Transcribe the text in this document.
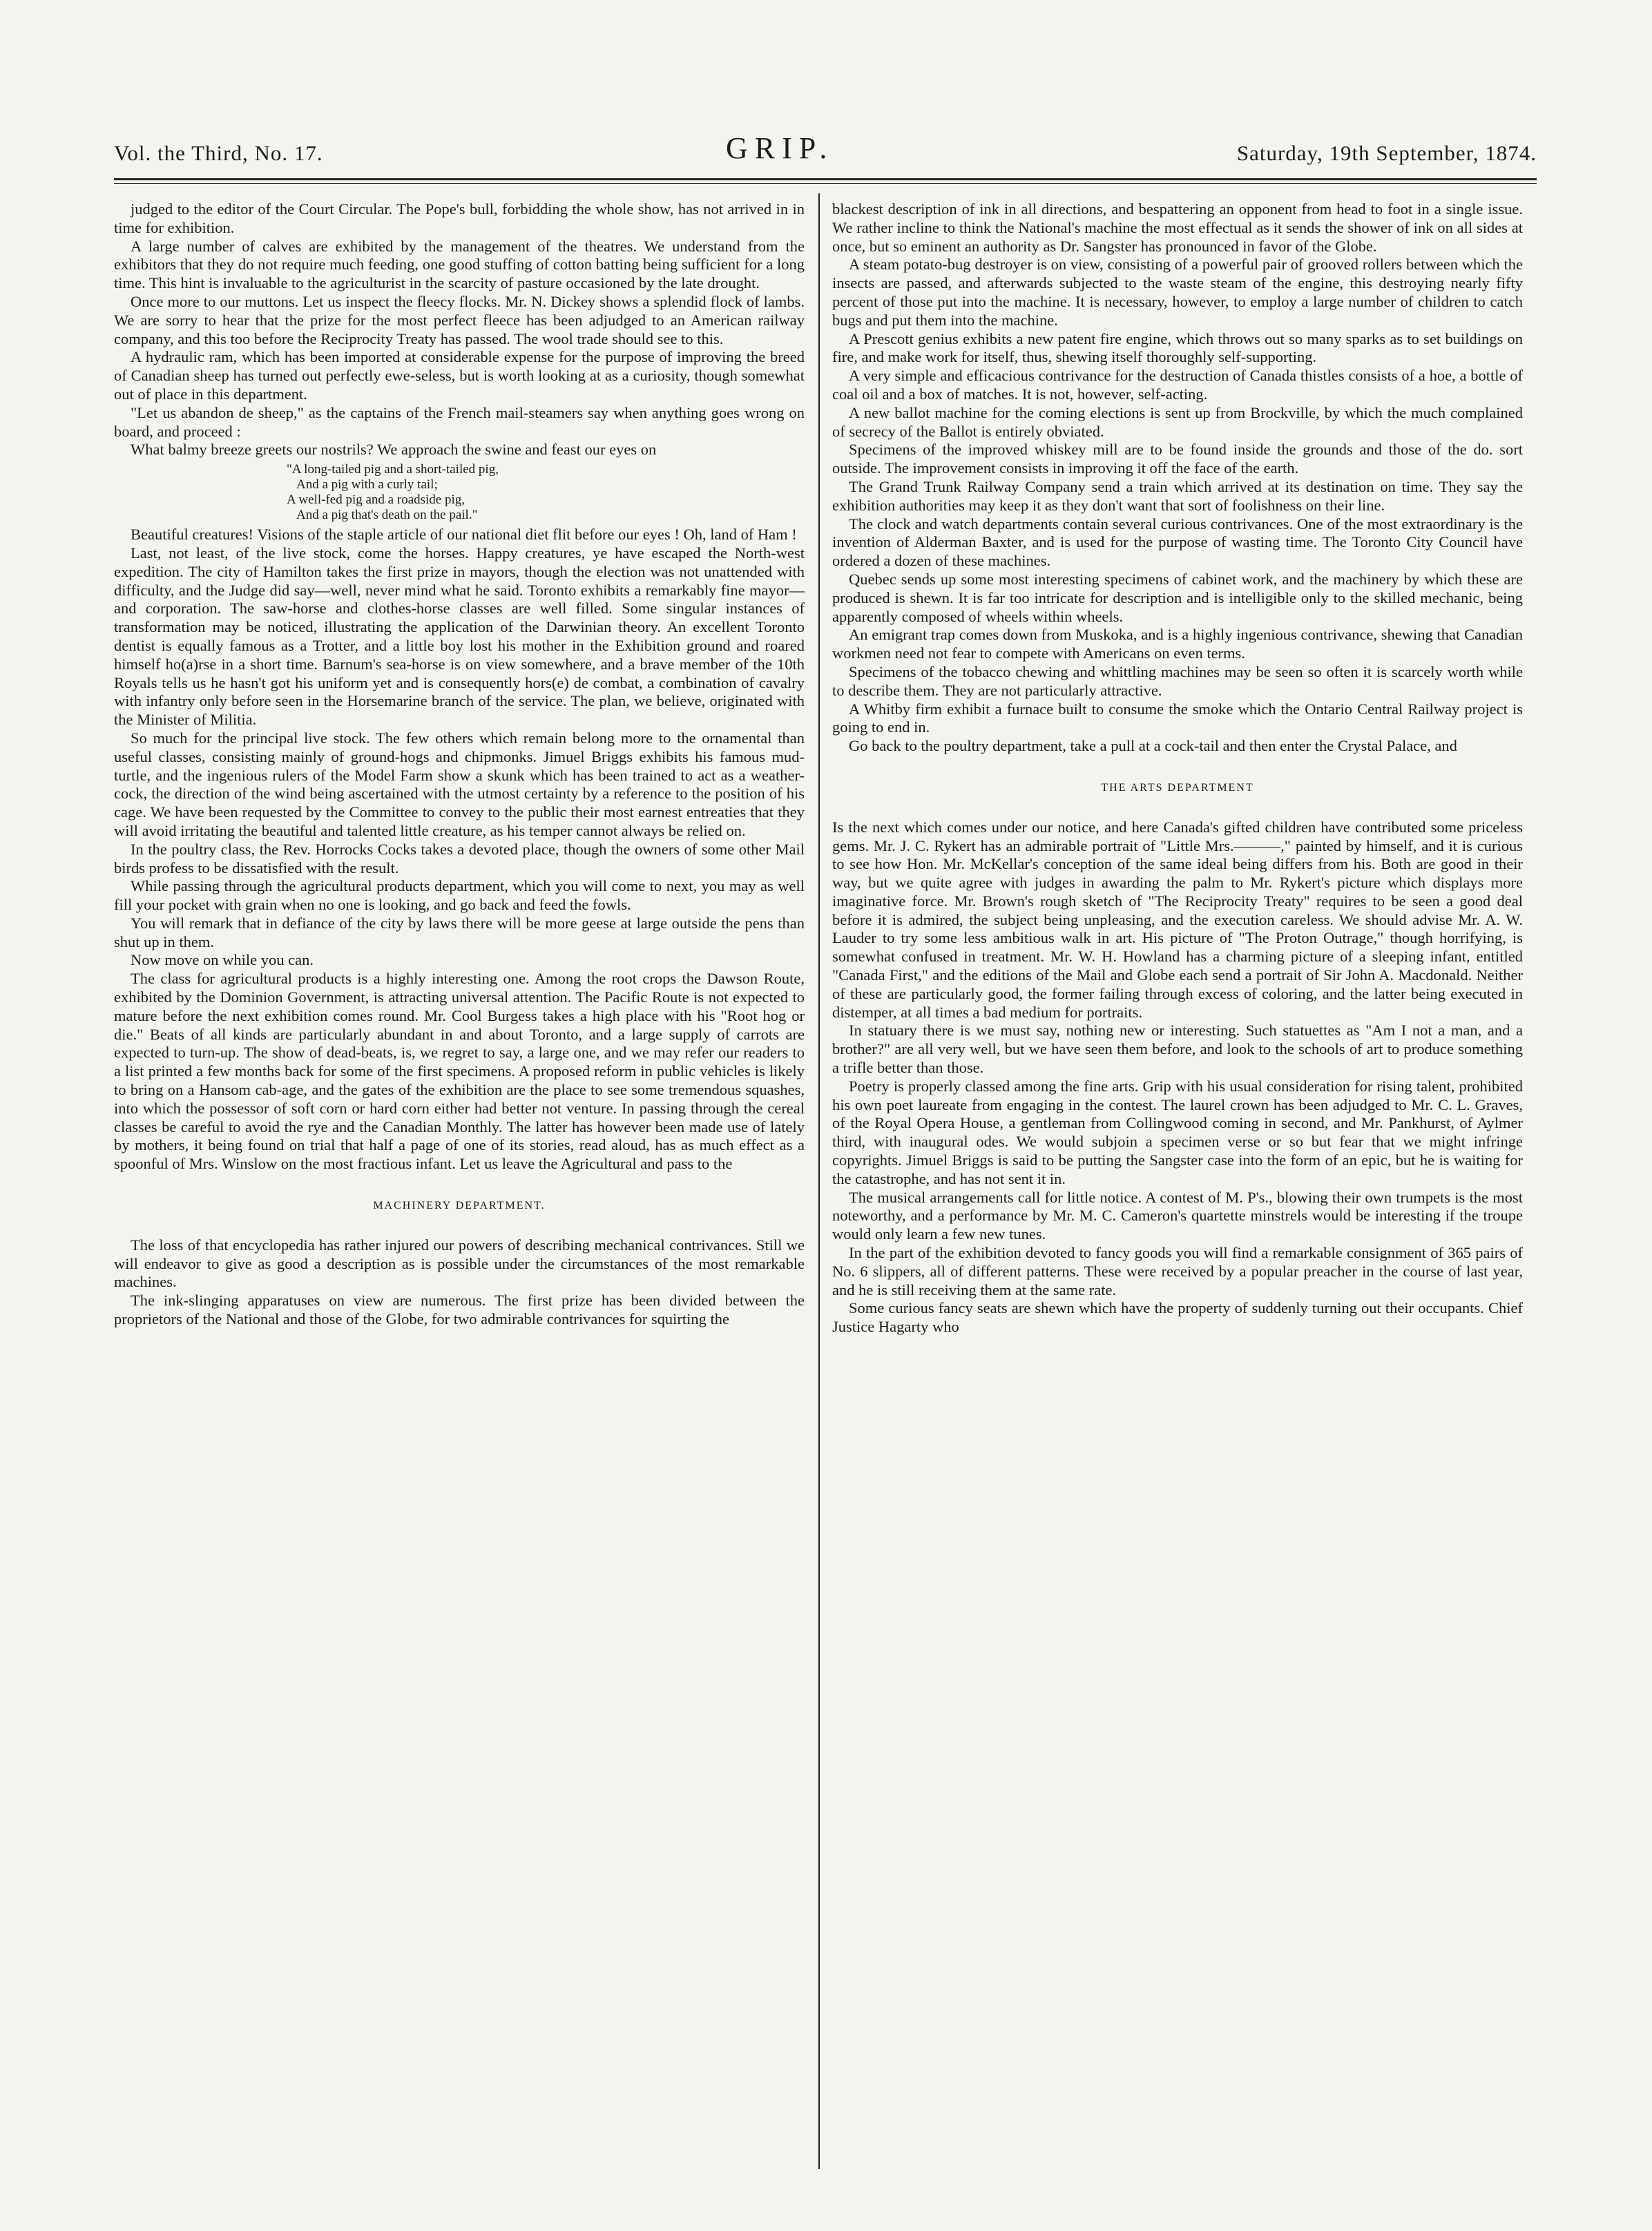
Vol. the Third, No. 17.	GRIP.	Saturday, 19th September, 1874.

judged to the editor of the Court Circular. The Pope's bull, forbidding the whole show, has not arrived in in time for exhibition.

A large number of calves are exhibited by the management of the theatres. We understand from the exhibitors that they do not require much feeding, one good stuffing of cotton batting being sufficient for a long time. This hint is invaluable to the agriculturist in the scarcity of pasture occasioned by the late drought.

Once more to our muttons. Let us inspect the fleecy flocks. Mr. N. Dickey shows a splendid flock of lambs. We are sorry to hear that the prize for the most perfect fleece has been adjudged to an American railway company, and this too before the Reciprocity Treaty has passed. The wool trade should see to this.

A hydraulic ram, which has been imported at considerable expense for the purpose of improving the breed of Canadian sheep has turned out perfectly ewe-seless, but is worth looking at as a curiosity, though somewhat out of place in this department.

"Let us abandon de sheep," as the captains of the French mail-steamers say when anything goes wrong on board, and proceed :

What balmy breeze greets our nostrils? We approach the swine and feast our eyes on

"A long-tailed pig and a short-tailed pig,
And a pig with a curly tail;
A well-fed pig and a roadside pig,
And a pig that's death on the pail."

Beautiful creatures! Visions of the staple article of our national diet flit before our eyes ! Oh, land of Ham !

Last, not least, of the live stock, come the horses. Happy creatures, ye have escaped the North-west expedition. The city of Hamilton takes the first prize in mayors, though the election was not unattended with difficulty, and the Judge did say—well, never mind what he said. Toronto exhibits a remarkably fine mayor—and corporation. The saw-horse and clothes-horse classes are well filled. Some singular instances of transformation may be noticed, illustrating the application of the Darwinian theory. An excellent Toronto dentist is equally famous as a Trotter, and a little boy lost his mother in the Exhibition ground and roared himself ho(a)rse in a short time. Barnum's sea-horse is on view somewhere, and a brave member of the 10th Royals tells us he hasn't got his uniform yet and is consequently hors(e) de combat, a combination of cavalry with infantry only before seen in the Horsemarine branch of the service. The plan, we believe, originated with the Minister of Militia.

So much for the principal live stock. The few others which remain belong more to the ornamental than useful classes, consisting mainly of ground-hogs and chipmonks. Jimuel Briggs exhibits his famous mud-turtle, and the ingenious rulers of the Model Farm show a skunk which has been trained to act as a weather-cock, the direction of the wind being ascertained with the utmost certainty by a reference to the position of his cage. We have been requested by the Committee to convey to the public their most earnest entreaties that they will avoid irritating the beautiful and talented little creature, as his temper cannot always be relied on.

In the poultry class, the Rev. Horrocks Cocks takes a devoted place, though the owners of some other Mail birds profess to be dissatisfied with the result.

While passing through the agricultural products department, which you will come to next, you may as well fill your pocket with grain when no one is looking, and go back and feed the fowls.

You will remark that in defiance of the city by laws there will be more geese at large outside the pens than shut up in them.

Now move on while you can.

The class for agricultural products is a highly interesting one. Among the root crops the Dawson Route, exhibited by the Dominion Government, is attracting universal attention. The Pacific Route is not expected to mature before the next exhibition comes round. Mr. Cool Burgess takes a high place with his "Root hog or die." Beats of all kinds are particularly abundant in and about Toronto, and a large supply of carrots are expected to turn-up. The show of dead-beats, is, we regret to say, a large one, and we may refer our readers to a list printed a few months back for some of the first specimens. A proposed reform in public vehicles is likely to bring on a Hansom cab-age, and the gates of the exhibition are the place to see some tremendous squashes, into which the possessor of soft corn or hard corn either had better not venture. In passing through the cereal classes be careful to avoid the rye and the Canadian Monthly. The latter has however been made use of lately by mothers, it being found on trial that half a page of one of its stories, read aloud, has as much effect as a spoonful of Mrs. Winslow on the most fractious infant. Let us leave the Agricultural and pass to the

MACHINERY DEPARTMENT.

The loss of that encyclopedia has rather injured our powers of describing mechanical contrivances. Still we will endeavor to give as good a description as is possible under the circumstances of the most remarkable machines.

The ink-slinging apparatuses on view are numerous. The first prize has been divided between the proprietors of the National and those of the Globe, for two admirable contrivances for squirting the

blackest description of ink in all directions, and bespattering an opponent from head to foot in a single issue. We rather incline to think the National's machine the most effectual as it sends the shower of ink on all sides at once, but so eminent an authority as Dr. Sangster has pronounced in favor of the Globe.

A steam potato-bug destroyer is on view, consisting of a powerful pair of grooved rollers between which the insects are passed, and afterwards subjected to the waste steam of the engine, this destroying nearly fifty percent of those put into the machine. It is necessary, however, to employ a large number of children to catch bugs and put them into the machine.

A Prescott genius exhibits a new patent fire engine, which throws out so many sparks as to set buildings on fire, and make work for itself, thus, shewing itself thoroughly self-supporting.

A very simple and efficacious contrivance for the destruction of Canada thistles consists of a hoe, a bottle of coal oil and a box of matches. It is not, however, self-acting.

A new ballot machine for the coming elections is sent up from Brockville, by which the much complained of secrecy of the Ballot is entirely obviated.

Specimens of the improved whiskey mill are to be found inside the grounds and those of the do. sort outside. The improvement consists in improving it off the face of the earth.

The Grand Trunk Railway Company send a train which arrived at its destination on time. They say the exhibition authorities may keep it as they don't want that sort of foolishness on their line.

The clock and watch departments contain several curious contrivances. One of the most extraordinary is the invention of Alderman Baxter, and is used for the purpose of wasting time. The Toronto City Council have ordered a dozen of these machines.

Quebec sends up some most interesting specimens of cabinet work, and the machinery by which these are produced is shewn. It is far too intricate for description and is intelligible only to the skilled mechanic, being apparently composed of wheels within wheels.

An emigrant trap comes down from Muskoka, and is a highly ingenious contrivance, shewing that Canadian workmen need not fear to compete with Americans on even terms.

Specimens of the tobacco chewing and whittling machines may be seen so often it is scarcely worth while to describe them. They are not particularly attractive.

A Whitby firm exhibit a furnace built to consume the smoke which the Ontario Central Railway project is going to end in.

Go back to the poultry department, take a pull at a cock-tail and then enter the Crystal Palace, and

THE ARTS DEPARTMENT

Is the next which comes under our notice, and here Canada's gifted children have contributed some priceless gems. Mr. J. C. Rykert has an admirable portrait of "Little Mrs.———," painted by himself, and it is curious to see how Hon. Mr. McKellar's conception of the same ideal being differs from his. Both are good in their way, but we quite agree with judges in awarding the palm to Mr. Rykert's picture which displays more imaginative force. Mr. Brown's rough sketch of "The Reciprocity Treaty" requires to be seen a good deal before it is admired, the subject being unpleasing, and the execution careless. We should advise Mr. A. W. Lauder to try some less ambitious walk in art. His picture of "The Proton Outrage," though horrifying, is somewhat confused in treatment. Mr. W. H. Howland has a charming picture of a sleeping infant, entitled "Canada First," and the editions of the Mail and Globe each send a portrait of Sir John A. Macdonald. Neither of these are particularly good, the former failing through excess of coloring, and the latter being executed in distemper, at all times a bad medium for portraits.

In statuary there is we must say, nothing new or interesting. Such statuettes as "Am I not a man, and a brother?" are all very well, but we have seen them before, and look to the schools of art to produce something a trifle better than those.

Poetry is properly classed among the fine arts. Grip with his usual consideration for rising talent, prohibited his own poet laureate from engaging in the contest. The laurel crown has been adjudged to Mr. C. L. Graves, of the Royal Opera House, a gentleman from Collingwood coming in second, and Mr. Pankhurst, of Aylmer third, with inaugural odes. We would subjoin a specimen verse or so but fear that we might infringe copyrights. Jimuel Briggs is said to be putting the Sangster case into the form of an epic, but he is waiting for the catastrophe, and has not sent it in.

The musical arrangements call for little notice. A contest of M. P's., blowing their own trumpets is the most noteworthy, and a performance by Mr. M. C. Cameron's quartette minstrels would be interesting if the troupe would only learn a few new tunes.

In the part of the exhibition devoted to fancy goods you will find a remarkable consignment of 365 pairs of No. 6 slippers, all of different patterns. These were received by a popular preacher in the course of last year, and he is still receiving them at the same rate.

Some curious fancy seats are shewn which have the property of suddenly turning out their occupants. Chief Justice Hagarty who
